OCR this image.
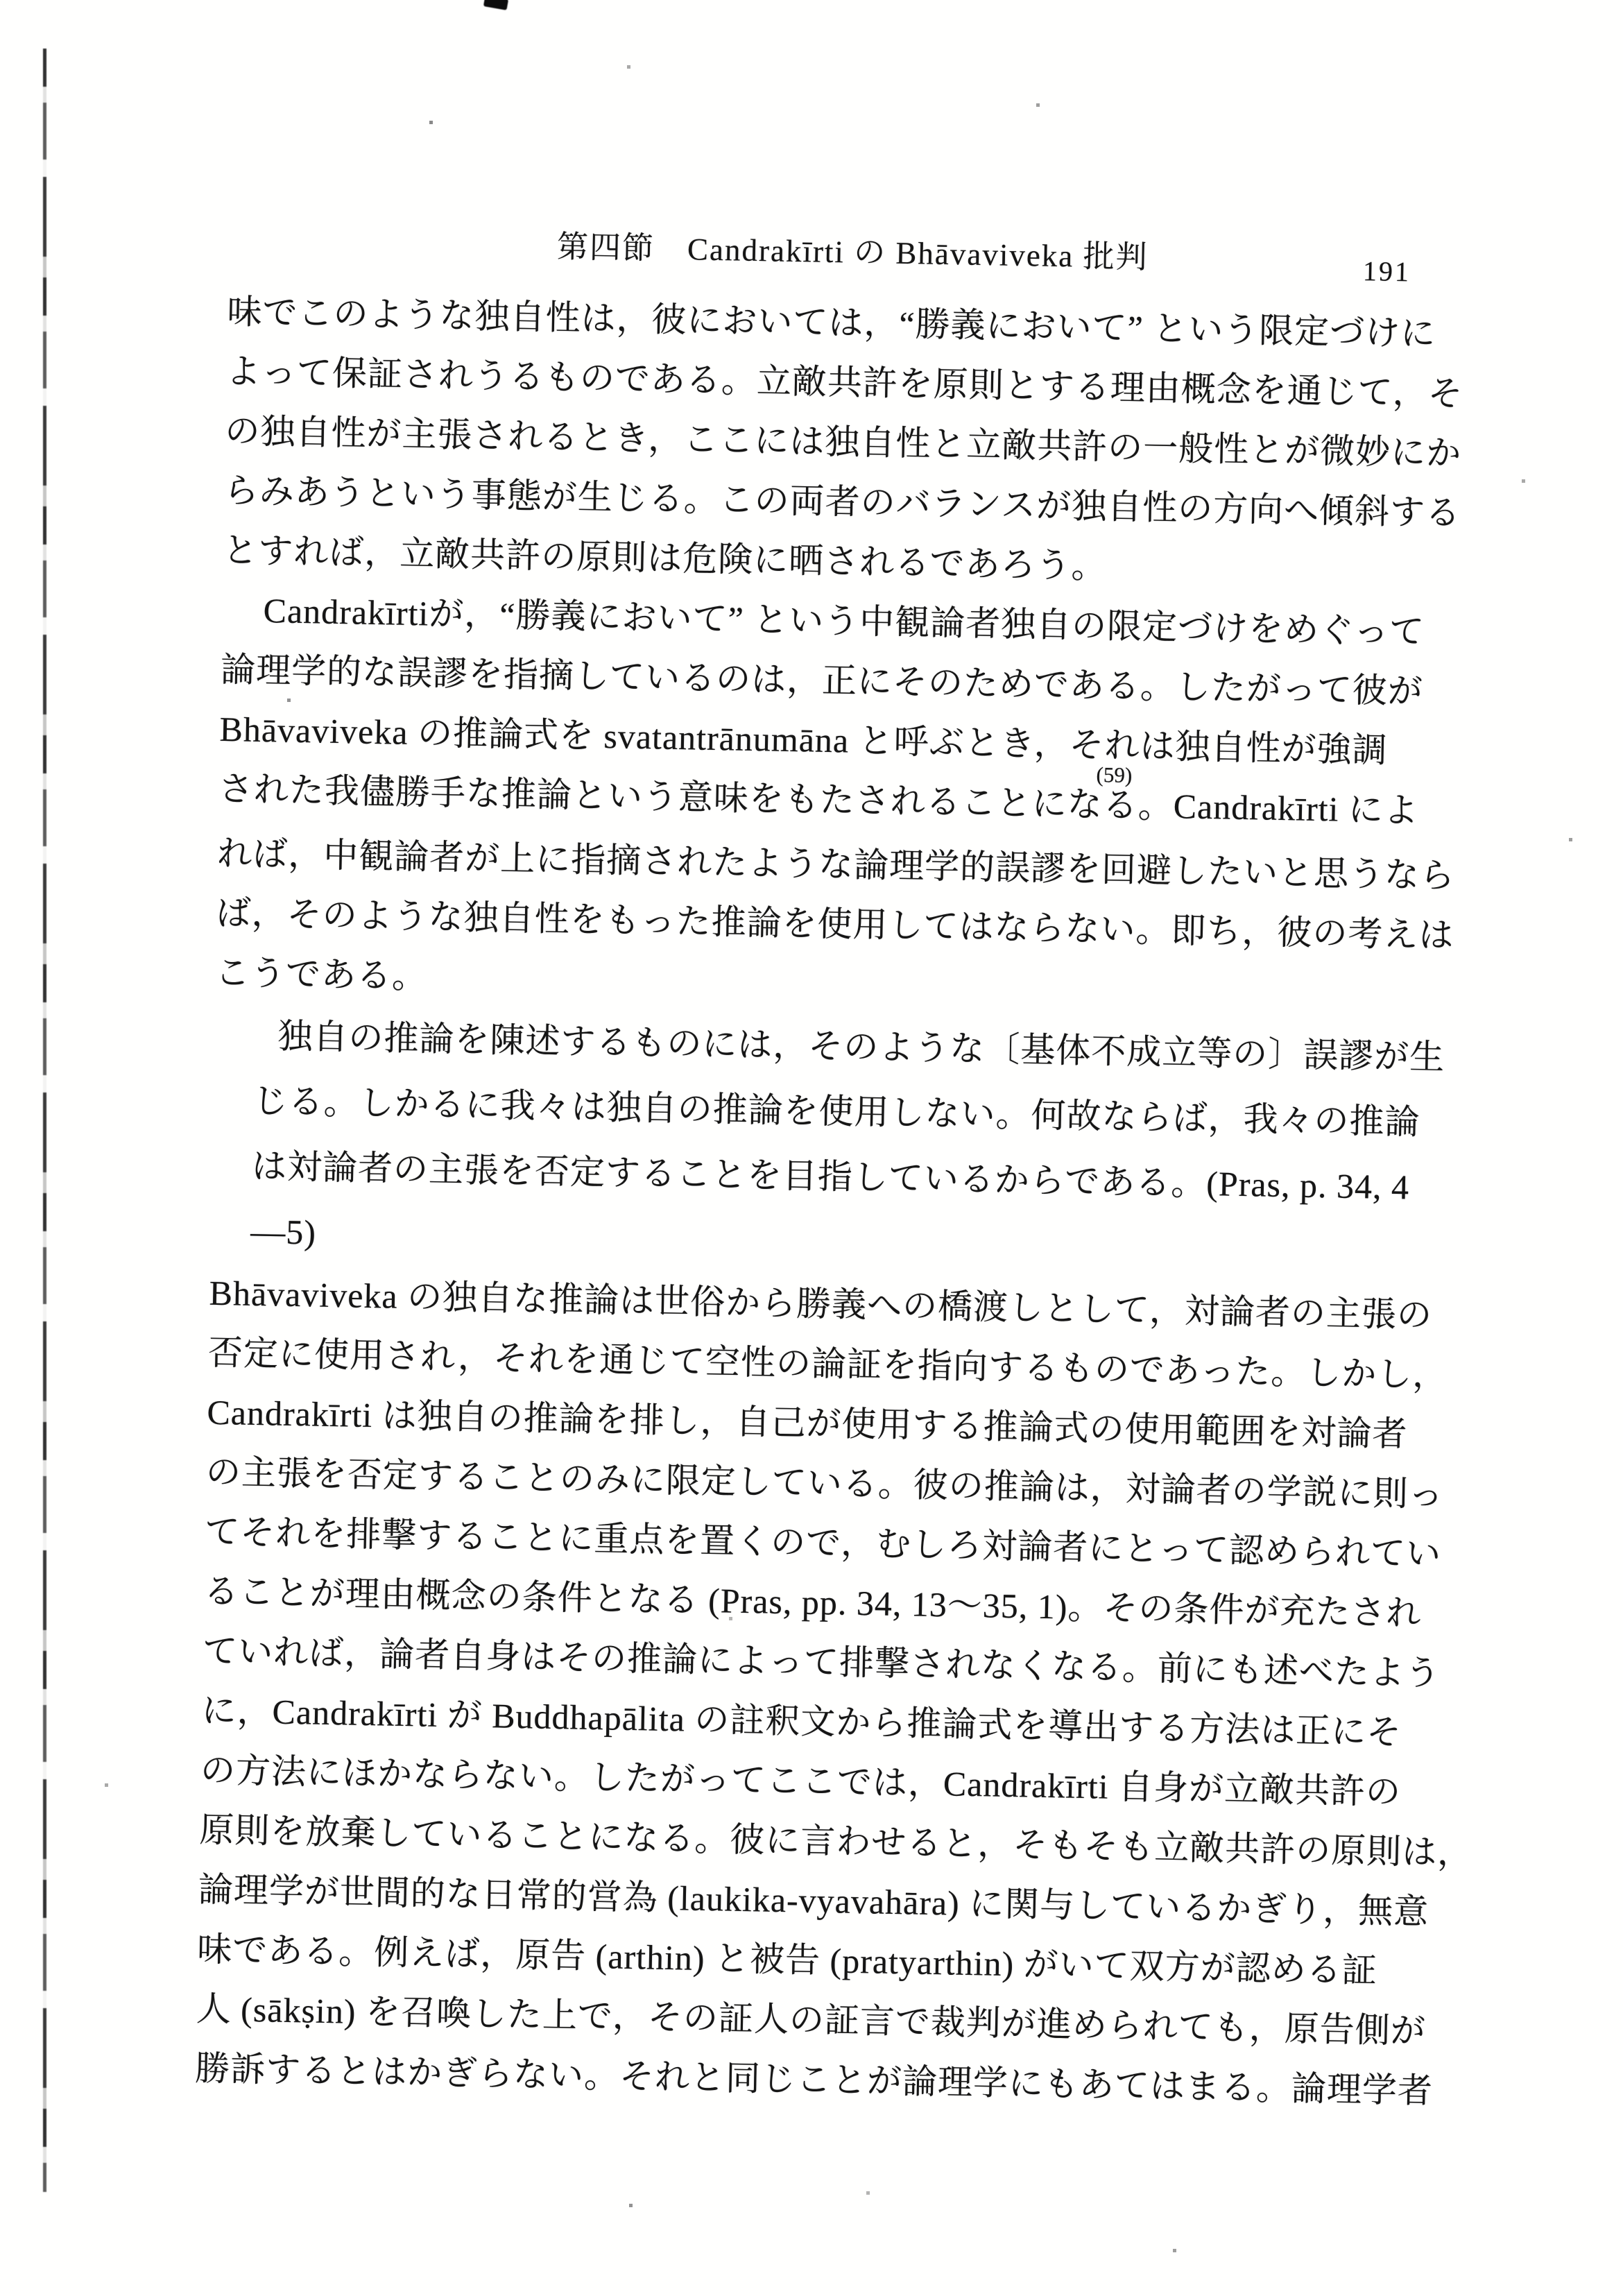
第四節　Candrakīrti の Bhāvaviveka 批判	191
味でこのような独自性は，彼においては，“勝義において” という限定づけに
よって保証されうるものである。立敵共許を原則とする理由概念を通じて，そ
の独自性が主張されるとき，ここには独自性と立敵共許の一般性とが微妙にか
らみあうという事態が生じる。この両者のバランスが独自性の方向へ傾斜する
とすれば，立敵共許の原則は危険に晒されるであろう。
Candrakīrtiが，“勝義において” という中観論者独自の限定づけをめぐって
論理学的な誤謬を指摘しているのは，正にそのためである。したがって彼が
Bhāvaviveka の推論式を svatantrānumāna と呼ぶとき，それは独自性が強調
された我儘勝手な推論という意味をもたされることにな(59)る。Candrakīrti によ
れば，中観論者が上に指摘されたような論理学的誤謬を回避したいと思うなら
ば，そのような独自性をもった推論を使用してはならない。即ち，彼の考えは
こうである。
独自の推論を陳述するものには，そのような〔基体不成立等の〕誤謬が生
じる。しかるに我々は独自の推論を使用しない。何故ならば，我々の推論
は対論者の主張を否定することを目指しているからである。(Pras, p. 34, 4
—5)
Bhāvaviveka の独自な推論は世俗から勝義への橋渡しとして，対論者の主張の
否定に使用され，それを通じて空性の論証を指向するものであった。しかし，
Candrakīrti は独自の推論を排し，自己が使用する推論式の使用範囲を対論者
の主張を否定することのみに限定している。彼の推論は，対論者の学説に則っ
てそれを排撃することに重点を置くので，むしろ対論者にとって認められてい
ることが理由概念の条件となる (Pras, pp. 34, 13〜35, 1)。その条件が充たされ
ていれば，論者自身はその推論によって排撃されなくなる。前にも述べたよう
に，Candrakīrti が Buddhapālita の註釈文から推論式を導出する方法は正にそ
の方法にほかならない。したがってここでは，Candrakīrti 自身が立敵共許の
原則を放棄していることになる。彼に言わせると，そもそも立敵共許の原則は，
論理学が世間的な日常的営為 (laukika-vyavahāra) に関与しているかぎり，無意
味である。例えば，原告 (arthin) と被告 (pratyarthin) がいて双方が認める証
人 (sākṣin) を召喚した上で，その証人の証言で裁判が進められても，原告側が
勝訴するとはかぎらない。それと同じことが論理学にもあてはまる。論理学者
